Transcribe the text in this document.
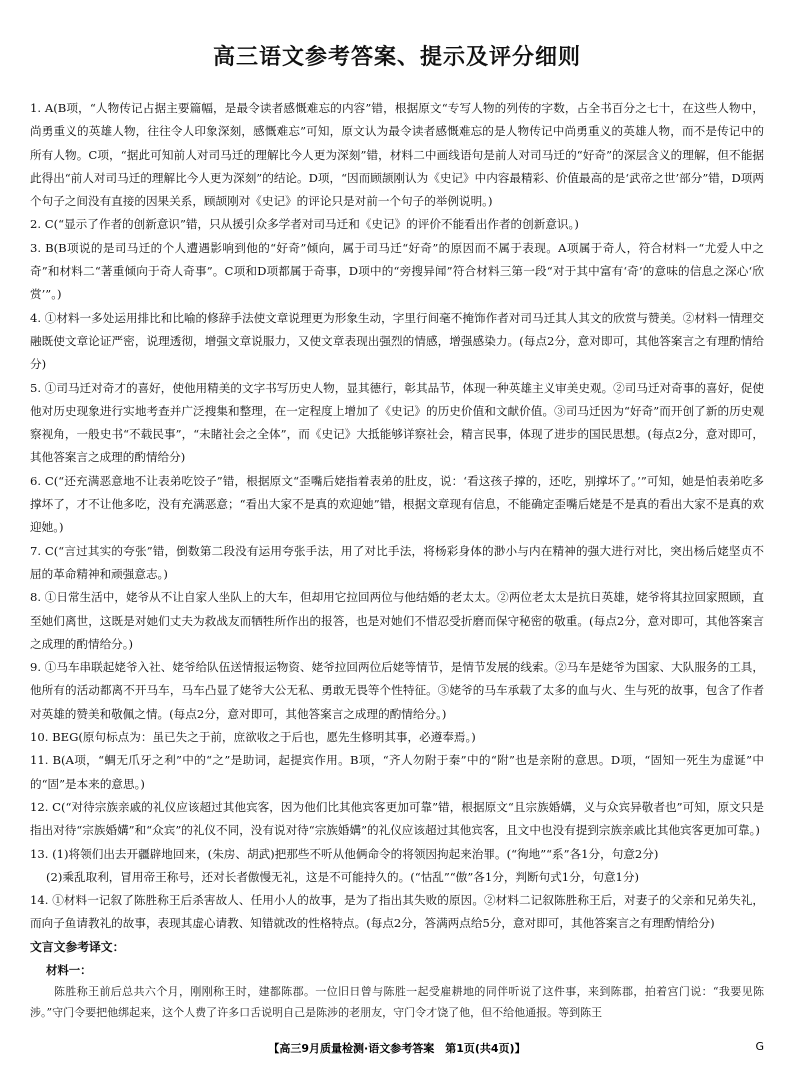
高三语文参考答案、提示及评分细则

1. A(B项，“人物传记占据主要篇幅，是最令读者感慨难忘的内容”错，根据原文“专写人物的列传的字数，占全书百分之七十，在这些人物中，尚勇重义的英雄人物，往往令人印象深刻，感慨难忘”可知，原文认为最令读者感慨难忘的是人物传记中尚勇重义的英雄人物，而不是传记中的所有人物。C项，“据此可知前人对司马迁的理解比今人更为深刻”错，材料二中画线语句是前人对司马迁的“好奇”的深层含义的理解，但不能据此得出“前人对司马迁的理解比今人更为深刻”的结论。D项，“因而顾颉刚认为《史记》中内容最精彩、价值最高的是‘武帝之世’部分”错，D项两个句子之间没有直接的因果关系，顾颉刚对《史记》的评论只是对前一个句子的举例说明。)

2. C(“显示了作者的创新意识”错，只从援引众多学者对司马迁和《史记》的评价不能看出作者的创新意识。)

3. B(B项说的是司马迁的个人遭遇影响到他的“好奇”倾向，属于司马迁“好奇”的原因而不属于表现。A项属于奇人，符合材料一“尤爱人中之奇”和材料二“著重倾向于奇人奇事”。C项和D项都属于奇事，D项中的“旁搜异闻”符合材料三第一段“对于其中富有‘奇’的意味的信息之深心‘欣赏’”。)

4. ①材料一多处运用排比和比喻的修辞手法使文章说理更为形象生动，字里行间毫不掩饰作者对司马迁其人其文的欣赏与赞美。②材料一情理交融既使文章论证严密，说理透彻，增强文章说服力，又使文章表现出强烈的情感，增强感染力。(每点2分，意对即可，其他答案言之有理酌情给分)

5. ①司马迁对奇才的喜好，使他用精美的文字书写历史人物，显其德行，彰其品节，体现一种英雄主义审美史观。②司马迁对奇事的喜好，促使他对历史现象进行实地考查并广泛搜集和整理，在一定程度上增加了《史记》的历史价值和文献价值。③司马迁因为“好奇”而开创了新的历史观察视角，一般史书“不载民事”，“未睹社会之全体”，而《史记》大抵能够详察社会，精言民事，体现了进步的国民思想。(每点2分，意对即可，其他答案言之成理的酌情给分)

6. C(“还充满恶意地不让表弟吃饺子”错，根据原文“歪嘴后姥指着表弟的肚皮，说：‘看这孩子撑的，还吃，别撑坏了。’”可知，她是怕表弟吃多撑坏了，才不让他多吃，没有充满恶意；“看出大家不是真的欢迎她”错，根据文章现有信息，不能确定歪嘴后姥是不是真的看出大家不是真的欢迎她。)

7. C(“言过其实的夸张”错，倒数第二段没有运用夸张手法，用了对比手法，将杨彩身体的渺小与内在精神的强大进行对比，突出杨后姥坚贞不屈的革命精神和顽强意志。)

8. ①日常生活中，姥爷从不让自家人坐队上的大车，但却用它拉回两位与他结婚的老太太。②两位老太太是抗日英雄，姥爷将其拉回家照顾，直至她们离世，这既是对她们丈夫为救战友而牺牲所作出的报答，也是对她们不惜忍受折磨而保守秘密的敬重。(每点2分，意对即可，其他答案言之成理的酌情给分。)

9. ①马车串联起姥爷入社、姥爷给队伍送情报运物资、姥爷拉回两位后姥等情节，是情节发展的线索。②马车是姥爷为国家、大队服务的工具，他所有的活动都离不开马车，马车凸显了姥爷大公无私、勇敢无畏等个性特征。③姥爷的马车承载了太多的血与火、生与死的故事，包含了作者对英雄的赞美和敬佩之情。(每点2分，意对即可，其他答案言之成理的酌情给分。)

10. BEG(原句标点为：虽已失之于前，庶欲收之于后也，愿先生修明其事，必遵奉焉。)

11. B(A项，“蜩无爪牙之利”中的“之”是助词，起提宾作用。B项，“齐人勿附于秦”中的“附”也是亲附的意思。D项，“固知一死生为虚诞”中的“固”是本来的意思。)

12. C(“对待宗族亲戚的礼仪应该超过其他宾客，因为他们比其他宾客更加可靠”错，根据原文“且宗族婚媾，义与众宾异敬者也”可知，原文只是指出对待“宗族婚媾”和“众宾”的礼仪不同，没有说对待“宗族婚媾”的礼仪应该超过其他宾客，且文中也没有提到宗族亲戚比其他宾客更加可靠。)

13. (1)将领们出去开疆辟地回来，(朱房、胡武)把那些不听从他俩命令的将领因拘起来治罪。(“徇地”“系”各1分，句意2分)
(2)乘乱取利，冒用帝王称号，还对长者傲慢无礼，这是不可能持久的。(“怙乱”“傲”各1分，判断句式1分，句意1分)

14. ①材料一记叙了陈胜称王后杀害故人、任用小人的故事，是为了指出其失败的原因。②材料二记叙陈胜称王后，对妻子的父亲和兄弟失礼，而向子鱼请教礼的故事，表现其虚心请教、知错就改的性格特点。(每点2分，答满两点给5分，意对即可，其他答案言之有理酌情给分)

文言文参考译文：

材料一：

陈胜称王前后总共六个月，刚刚称王时，建都陈郡。一位旧日曾与陈胜一起受雇耕地的同伴听说了这件事，来到陈郡，拍着宫门说：“我要见陈涉。”守门令要把他绑起来，这个人费了许多口舌说明自己是陈涉的老朋友，守门令才饶了他，但不给他通报。等到陈王

【高三9月质量检测·语文参考答案　第1页(共4页)】	G
